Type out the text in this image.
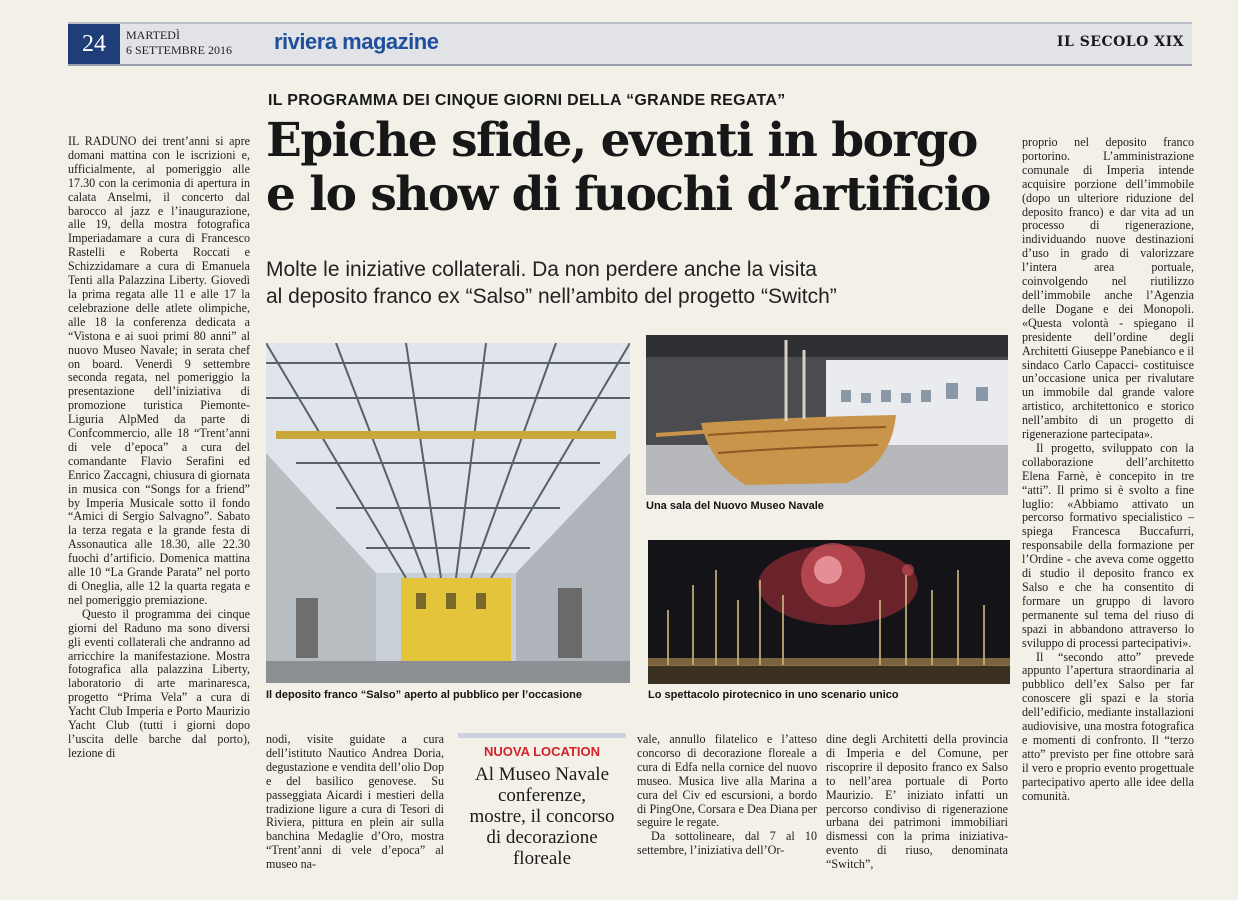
24	MARTEDÌ
6 SETTEMBRE 2016 riviera magazine	IL SECOLO XIX
IL PROGRAMMA DEI CINQUE GIORNI DELLA “GRANDE REGATA”
Epiche sfide, eventi in borgo
e lo show di fuochi d’artificio
Molte le iniziative collaterali. Da non perdere anche la visita
al deposito franco ex “Salso” nell’ambito del progetto “Switch”

IL RADUNO dei trent’anni si apre domani mattina con le iscrizioni e, ufficialmente, al pomeriggio alle 17.30 con la cerimonia di apertura in calata Anselmi, il concerto dal barocco al jazz e l’inaugurazione, alle 19, della mostra fotografica Imperiadamare a cura di Francesco Rastelli e Roberta Roccati e Schizzidamare a cura di Emanuela Tenti alla Palazzina Liberty. Giovedì la prima regata alle 11 e alle 17 la celebrazione delle atlete olimpiche, alle 18 la conferenza dedicata a “Vistona e ai suoi primi 80 anni” al nuovo Museo Navale; in serata chef on board. Venerdì 9 settembre seconda regata, nel pomeriggio la presentazione dell’iniziativa di promozione turistica Piemonte-Liguria AlpMed da parte di Confcommercio, alle 18 “Trent’anni di vele d’epoca” a cura del comandante Flavio Serafini ed Enrico Zaccagni, chiusura di giornata in musica con “Songs for a friend” by Imperia Musicale sotto il fondo “Amici di Sergio Salvagno”. Sabato la terza regata e la grande festa di Assonautica alle 18.30, alle 22.30 fuochi d’artificio. Domenica mattina alle 10 “La Grande Parata” nel porto di Oneglia, alle 12 la quarta regata e nel pomeriggio premiazione.

Questo il programma dei cinque giorni del Raduno ma sono diversi gli eventi collaterali che andranno ad arricchire la manifestazione. Mostra fotografica alla palazzina Liberty, laboratorio di arte marinaresca, progetto “Prima Vela” a cura di Yacht Club Imperia e Porto Maurizio Yacht Club (tutti i giorni dopo l’uscita delle barche dal porto), lezione di

Il deposito franco “Salso” aperto al pubblico per l’occasione
Una sala del Nuovo Museo Navale
Lo spettacolo pirotecnico in uno scenario unico

nodi, visite guidate a cura dell’istituto Nautico Andrea Doria, degustazione e vendita dell’olio Dop e del basilico genovese. Su passeggiata Aicardi i mestieri della tradizione ligure a cura di Tesori di Riviera, pittura en plein air sulla banchina Medaglie d’Oro, mostra “Trent’anni di vele d’epoca” al museo na-

NUOVA LOCATION
Al Museo Navale
conferenze,
mostre, il concorso
di decorazione
floreale

vale, annullo filatelico e l’atteso concorso di decorazione floreale a cura di Edfa nella cornice del nuovo museo. Musica live alla Marina a cura del Civ ed escursioni, a bordo di PingOne, Corsara e Dea Diana per seguire le regate.

Da sottolineare, dal 7 al 10 settembre, l’iniziativa dell’Or-

dine degli Architetti della provincia di Imperia e del Comune, per riscoprire il deposito franco ex Salso to nell’area portuale di Porto Maurizio. E’ iniziato infatti un percorso condiviso di rigenerazione urbana dei patrimoni immobiliari dismessi con la prima iniziativa-evento di riuso, denominata “Switch”,

proprio nel deposito franco portorino. L’amministrazione comunale di Imperia intende acquisire porzione dell’immobile (dopo un ulteriore riduzione del deposito franco) e dar vita ad un processo di rigenerazione, individuando nuove destinazioni d’uso in grado di valorizzare l’intera area portuale, coinvolgendo nel riutilizzo dell’immobile anche l’Agenzia delle Dogane e dei Monopoli. «Questa volontà - spiegano il presidente dell’ordine degli Architetti Giuseppe Panebianco e il sindaco Carlo Capacci- costituisce un’occasione unica per rivalutare un immobile dal grande valore artistico, architettonico e storico nell’ambito di un progetto di rigenerazione partecipata».

Il progetto, sviluppato con la collaborazione dell’architetto Elena Farnè, è concepito in tre “atti”. Il primo si è svolto a fine luglio: «Abbiamo attivato un percorso formativo specialistico – spiega Francesca Buccafurri, responsabile della formazione per l’Ordine - che aveva come oggetto di studio il deposito franco ex Salso e che ha consentito di formare un gruppo di lavoro permanente sul tema del riuso di spazi in abbandono attraverso lo sviluppo di processi partecipativi».

Il “secondo atto” prevede appunto l’apertura straordinaria al pubblico dell’ex Salso per far conoscere gli spazi e la storia dell’edificio, mediante installazioni audiovisive, una mostra fotografica e momenti di confronto. Il “terzo atto” previsto per fine ottobre sarà il vero e proprio evento progettuale partecipativo aperto alle idee della comunità.
